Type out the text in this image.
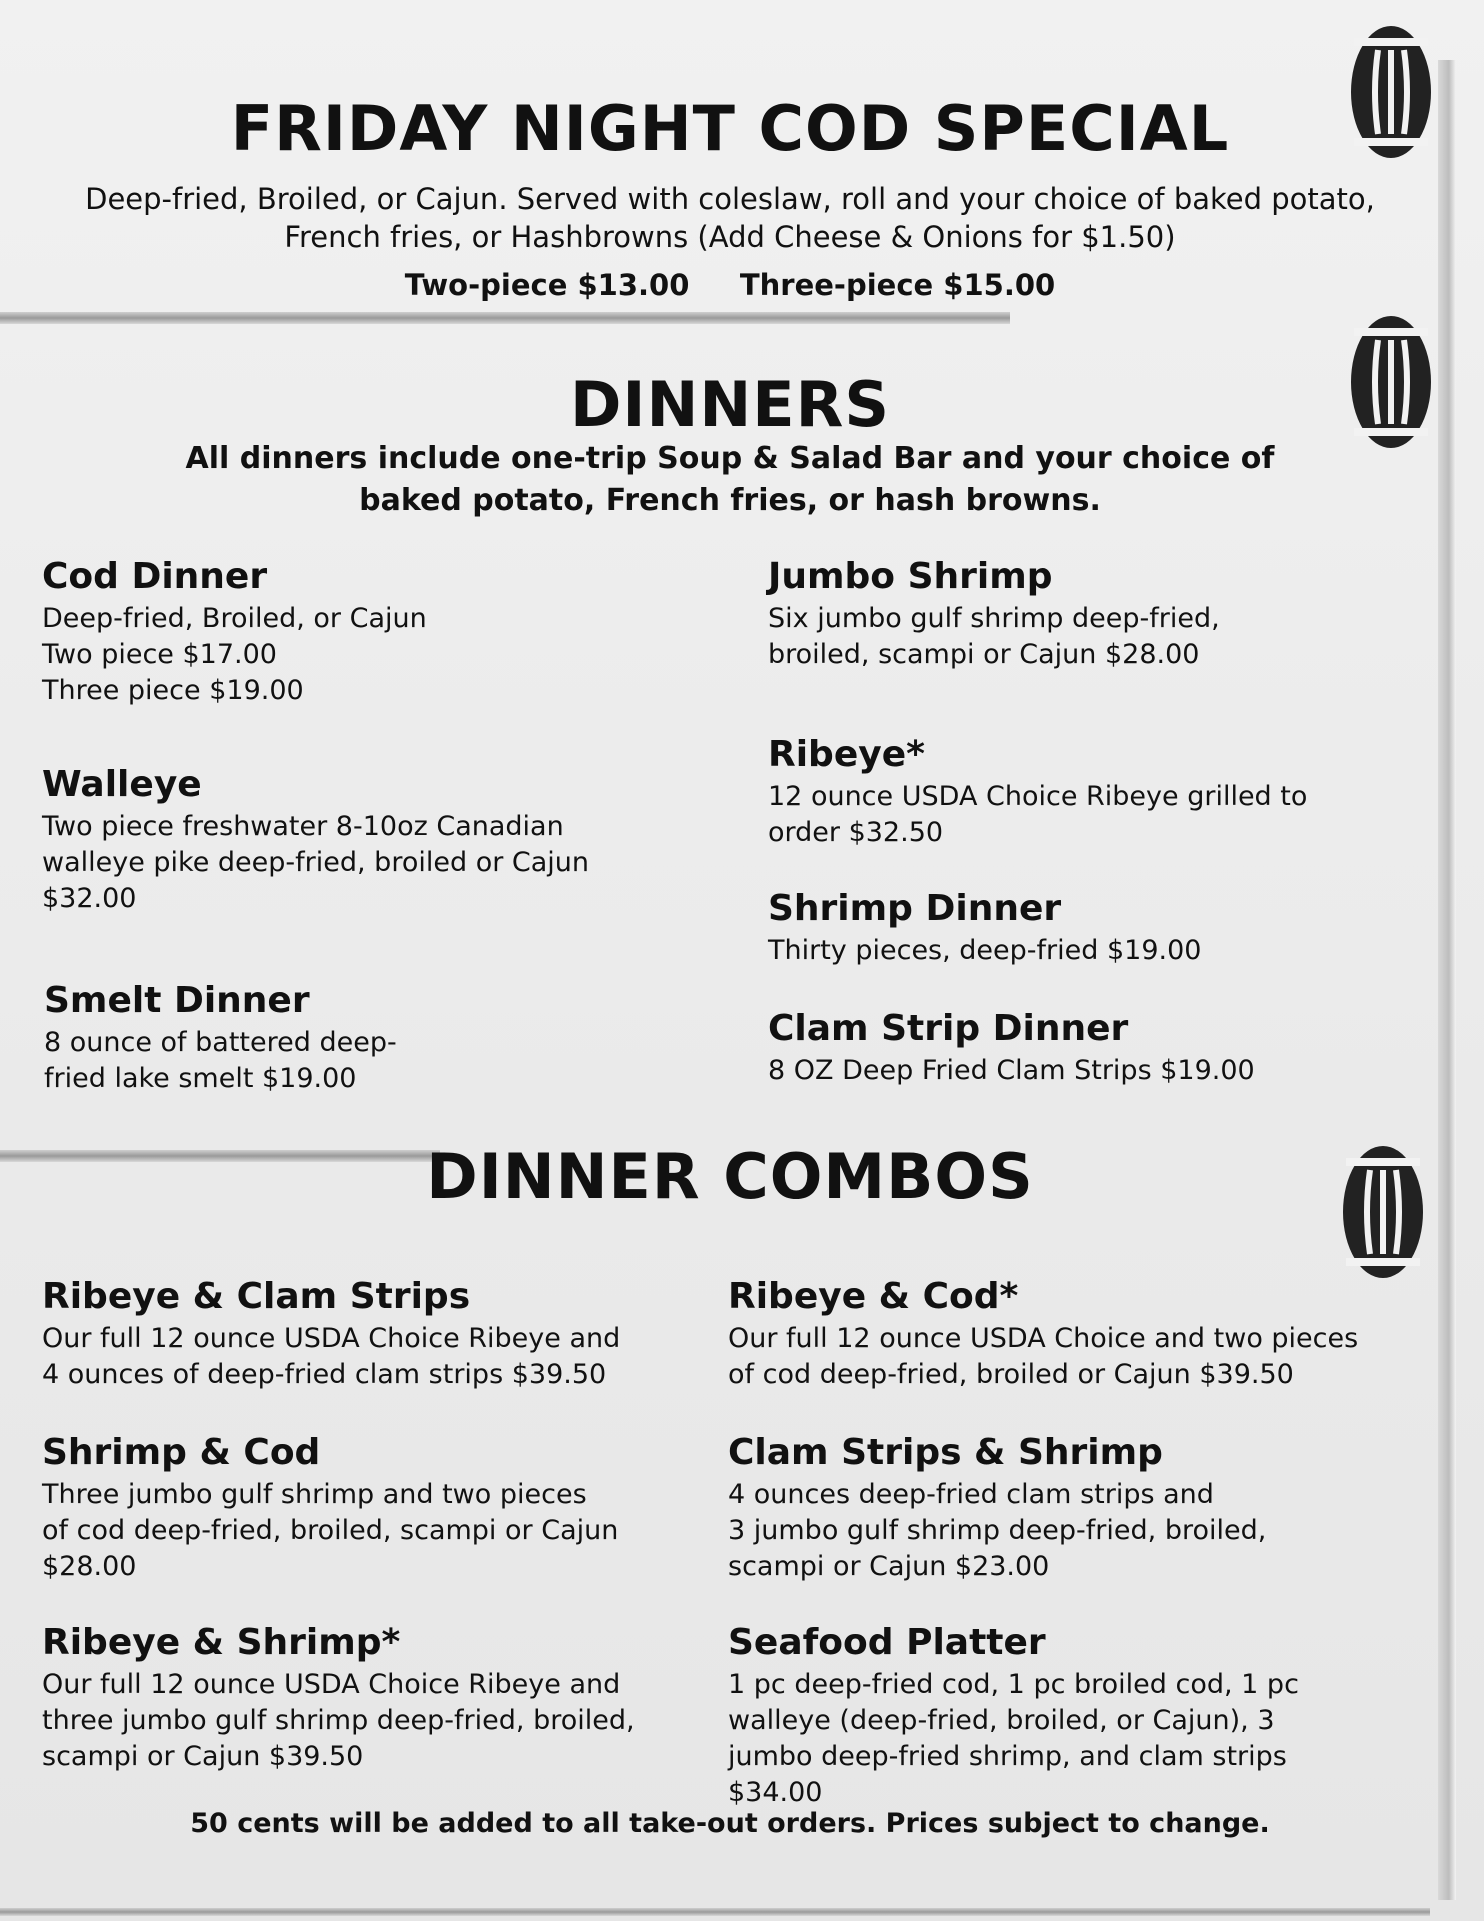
FRIDAY NIGHT COD SPECIAL
Deep-fried, Broiled, or Cajun. Served with coleslaw, roll and your choice of baked potato,
French fries, or Hashbrowns (Add Cheese & Onions for $1.50)
Two-piece $13.00 Three-piece $15.00
DINNERS
All dinners include one-trip Soup & Salad Bar and your choice of
baked potato, French fries, or hash browns.
Cod Dinner

Deep-fried, Broiled, or Cajun
Two piece $17.00
Three piece $19.00

Walleye

Two piece freshwater 8-10oz Canadian
walleye pike deep-fried, broiled or Cajun
$32.00

Smelt Dinner

8 ounce of battered deep-
fried lake smelt $19.00

Jumbo Shrimp

Six jumbo gulf shrimp deep-fried,
broiled, scampi or Cajun $28.00

Ribeye*

12 ounce USDA Choice Ribeye grilled to
order $32.50

Shrimp Dinner

Thirty pieces, deep-fried $19.00

Clam Strip Dinner

8 OZ Deep Fried Clam Strips $19.00

DINNER COMBOS
Ribeye & Clam Strips

Our full 12 ounce USDA Choice Ribeye and
4 ounces of deep-fried clam strips $39.50

Shrimp & Cod

Three jumbo gulf shrimp and two pieces
of cod deep-fried, broiled, scampi or Cajun
$28.00

Ribeye & Shrimp*

Our full 12 ounce USDA Choice Ribeye and
three jumbo gulf shrimp deep-fried, broiled,
scampi or Cajun $39.50

Ribeye & Cod*

Our full 12 ounce USDA Choice and two pieces
of cod deep-fried, broiled or Cajun $39.50

Clam Strips & Shrimp

4 ounces deep-fried clam strips and
3 jumbo gulf shrimp deep-fried, broiled,
scampi or Cajun $23.00

Seafood Platter

1 pc deep-fried cod, 1 pc broiled cod, 1 pc
walleye (deep-fried, broiled, or Cajun), 3
jumbo deep-fried shrimp, and clam strips
$34.00

50 cents will be added to all take-out orders. Prices subject to change.
